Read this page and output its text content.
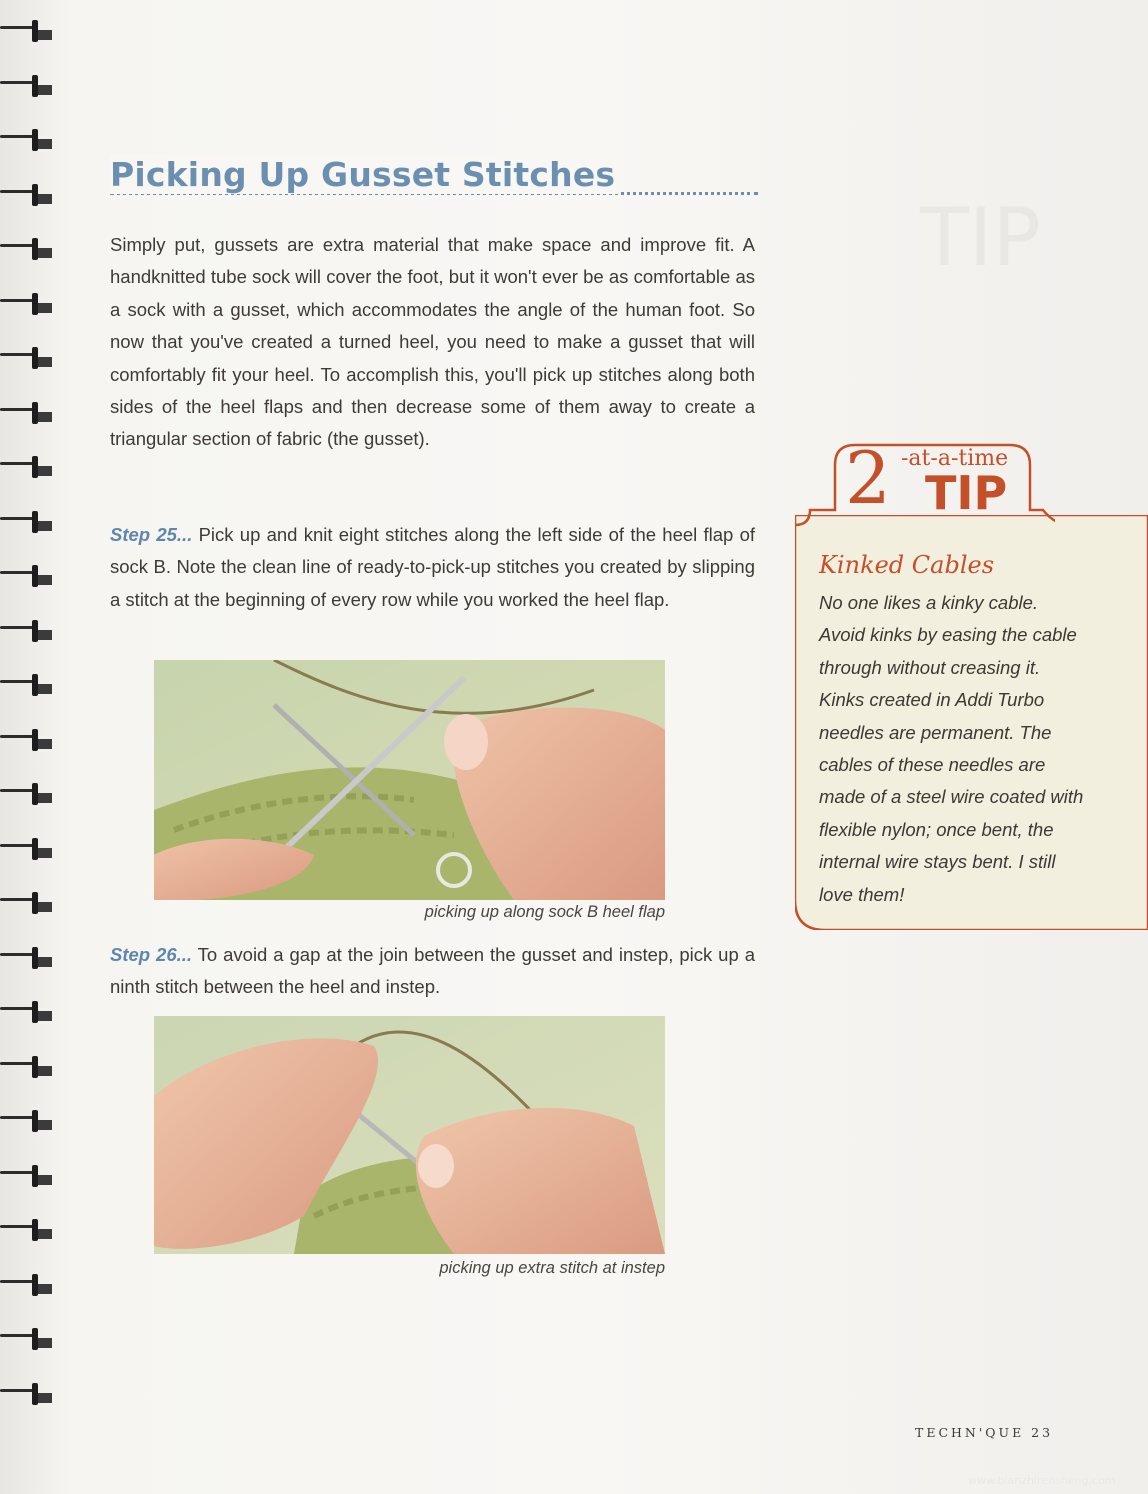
TIP
Picking Up Gusset Stitches

Simply put, gussets are extra material that make space and improve fit. A handknitted tube sock will cover the foot, but it won't ever be as comfortable as a sock with a gusset, which accommodates the angle of the human foot. So now that you've created a turned heel, you need to make a gusset that will comfortably fit your heel. To accomplish this, you'll pick up stitches along both sides of the heel flaps and then decrease some of them away to create a triangular section of fabric (the gusset).

Step 25... Pick up and knit eight stitches along the left side of the heel flap of sock B. Note the clean line of ready-to-pick-up stitches you created by slipping a stitch at the beginning of every row while you worked the heel flap.

picking up along sock B heel flap

Step 26... To avoid a gap at the join between the gusset and instep, pick up a ninth stitch between the heel and instep.

picking up extra stitch at instep
Kinked Cables
No one likes a kinky cable.
Avoid kinks by easing the cable
through without creasing it.
Kinks created in Addi Turbo
needles are permanent. The
cables of these needles are
made of a steel wire coated with
flexible nylon; once bent, the
internal wire stays bent. I still
love them!
2 -at-a-time
TIP
TECHN'QUE 23
www.bianzhirensheng.com
